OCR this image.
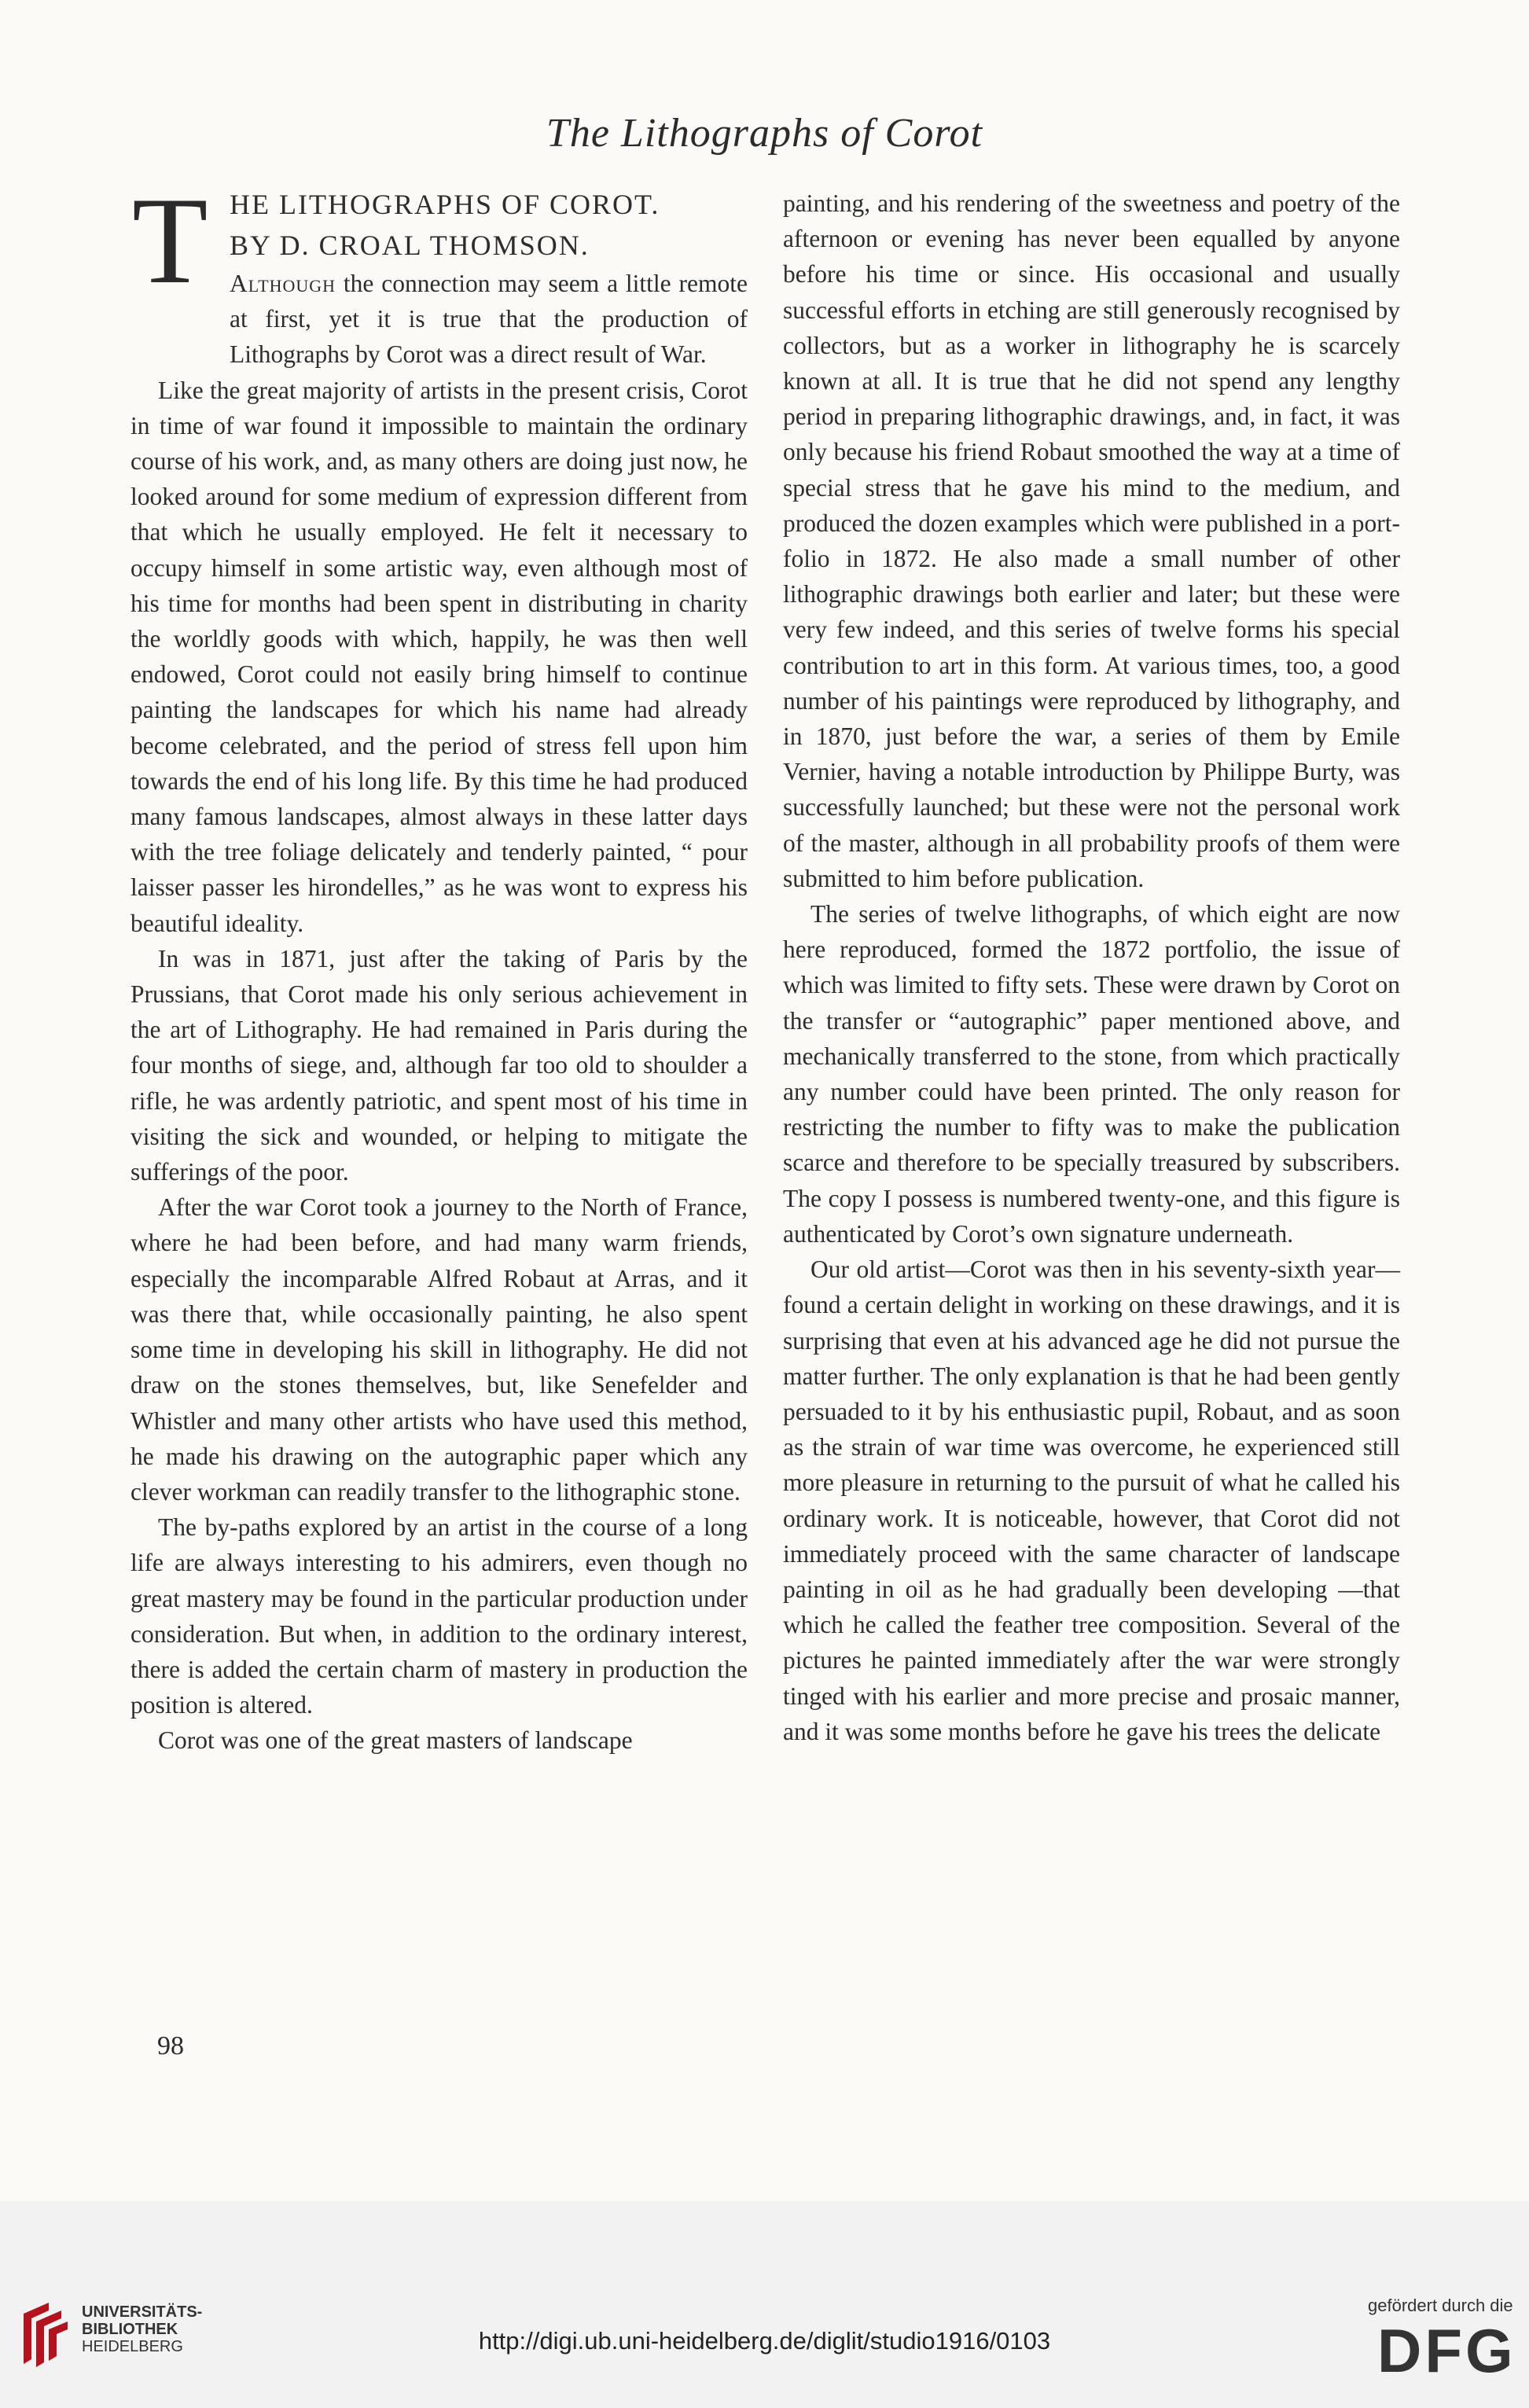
The Lithographs of Corot
T HE LITHOGRAPHS OF COROT.
BY D. CROAL THOMSON.

Although the connection may seem a little remote at first, yet it is true that the production of Lithographs by Corot was a direct result of War.

Like the great majority of artists in the present crisis, Corot in time of war found it impossible to maintain the ordinary course of his work, and, as many others are doing just now, he looked around for some medium of expression different from that which he usually employed. He felt it necessary to occupy himself in some artistic way, even although most of his time for months had been spent in distributing in charity the worldly goods with which, happily, he was then well endowed, Corot could not easily bring himself to continue painting the landscapes for which his name had already become celebrated, and the period of stress fell upon him towards the end of his long life. By this time he had produced many famous landscapes, almost always in these latter days with the tree foliage delicately and tenderly painted, “ pour laisser passer les hirondelles,” as he was wont to express his beautiful ideality.

In was in 1871, just after the taking of Paris by the Prussians, that Corot made his only serious achievement in the art of Lithography. He had remained in Paris during the four months of siege, and, although far too old to shoulder a rifle, he was ardently patriotic, and spent most of his time in visiting the sick and wounded, or helping to mitigate the sufferings of the poor.

After the war Corot took a journey to the North of France, where he had been before, and had many warm friends, especially the incomparable Alfred Robaut at Arras, and it was there that, while occasionally painting, he also spent some time in developing his skill in lithography. He did not draw on the stones themselves, but, like Senefelder and Whistler and many other artists who have used this method, he made his drawing on the autographic paper which any clever workman can readily transfer to the lithographic stone.

The by-paths explored by an artist in the course of a long life are always interesting to his admirers, even though no great mastery may be found in the particular production under consideration. But when, in addition to the ordinary interest, there is added the certain charm of mastery in production the position is altered.

Corot was one of the great masters of landscape

painting, and his rendering of the sweetness and poetry of the afternoon or evening has never been equalled by anyone before his time or since. His occasional and usually successful efforts in etching are still generously recognised by collectors, but as a worker in lithography he is scarcely known at all. It is true that he did not spend any lengthy period in preparing lithographic drawings, and, in fact, it was only because his friend Robaut smoothed the way at a time of special stress that he gave his mind to the medium, and produced the dozen examples which were published in a portfolio in 1872. He also made a small number of other lithographic drawings both earlier and later; but these were very few indeed, and this series of twelve forms his special contribution to art in this form. At various times, too, a good number of his paintings were reproduced by lithography, and in 1870, just before the war, a series of them by Emile Vernier, having a notable introduction by Philippe Burty, was successfully launched; but these were not the personal work of the master, although in all probability proofs of them were submitted to him before publication.

The series of twelve lithographs, of which eight are now here reproduced, formed the 1872 portfolio, the issue of which was limited to fifty sets. These were drawn by Corot on the transfer or “autographic” paper mentioned above, and mechanically transferred to the stone, from which practically any number could have been printed. The only reason for restricting the number to fifty was to make the publication scarce and therefore to be specially treasured by subscribers. The copy I possess is numbered twenty-one, and this figure is authenticated by Corot’s own signature underneath.

Our old artist—Corot was then in his seventy-sixth year—found a certain delight in working on these drawings, and it is surprising that even at his advanced age he did not pursue the matter further. The only explanation is that he had been gently persuaded to it by his enthusiastic pupil, Robaut, and as soon as the strain of war time was overcome, he experienced still more pleasure in returning to the pursuit of what he called his ordinary work. It is noticeable, however, that Corot did not immediately proceed with the same character of landscape painting in oil as he had gradually been developing —that which he called the feather tree composition. Several of the pictures he painted immediately after the war were strongly tinged with his earlier and more precise and prosaic manner, and it was some months before he gave his trees the delicate

98
UNIVERSITÄTS-
BIBLIOTHEK
HEIDELBERG	http://digi.ub.uni-heidelberg.de/diglit/studio1916/0103
gefördert durch die
DFG
